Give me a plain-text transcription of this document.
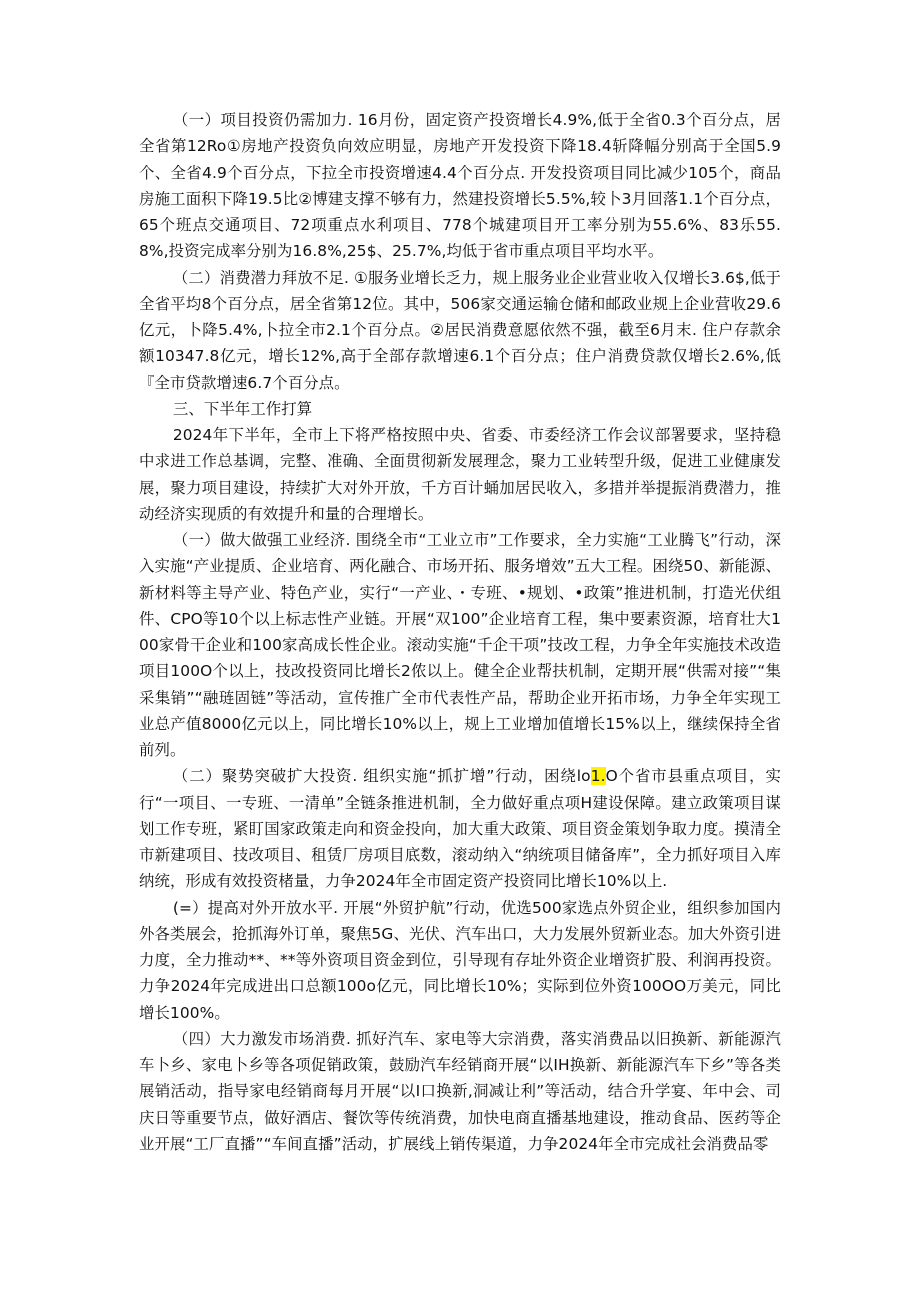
（一）项目投资仍需加力. 16月份，固定资产投资增长4.9%,低于全省0.3个百分点，居全省第12Ro①房地产投资负向效应明显，房地产开发投资下降18.4斩降幅分别高于全国5.9个、全省4.9个百分点，下拉全市投资增速4.4个百分点. 开发投资项目同比减少105个，商品房施工面积下降19.5比②博建支撑不够有力，然建投资增长5.5%,较卜3月回落1.1个百分点，65个班点交通项目、72项重点水利项目、778个城建项目开工率分别为55.6%、83乐55.8%,投资完成率分别为16.8%,25$、25.7%,均低于省市重点项目平均水平。

（二）消费潜力拜放不足. ①服务业增长乏力，规上服务业企业营业收入仅增长3.6$,低于全省平均8个百分点，居全省第12位。其中，506家交通运输仓储和邮政业规上企业营收29.6亿元，卜降5.4%,卜拉全市2.1个百分点。②居民消费意愿依然不强，截至6月末. 住户存款余额10347.8亿元，增长12%,高于全部存款增速6.1个百分点；住户消费贷款仅增长2.6%,低『全市贷款增速6.7个百分点。

三、下半年工作打算

2024年下半年，全市上下将严格按照中央、省委、市委经济工作会议部署要求，坚持稳中求进工作总基调，完整、准确、全面贯彻新发展理念，聚力工业转型升级，促进工业健康发展，聚力项目建设，持续扩大对外开放，千方百计蛹加居民收入，多措并举提振消费潜力，推动经济实现质的有效提升和量的合理增长。

（一）做大做强工业经济. 围绕全市“工业立市”工作要求，全力实施“工业腾飞”行动，深入实施“产业提质、企业培育、两化融合、市场开拓、服务增效”五大工程。困绕50、新能源、新材料等主导产业、特色产业，实行“一产业、・专班、•规划、•政策”推进机制，打造光伏组件、CPO等10个以上标志性产业链。开展“双100”企业培育工程，集中要素资源，培育壮大100家骨干企业和100家高成长性企业。滚动实施“千企干项”技改工程，力争全年实施技术改造项目100O个以上，技改投资同比增长2侬以上。健全企业帮扶机制，定期开展“供需对接”“集采集销”“融琏固链”等活动，宣传推广全市代表性产品，帮助企业开拓市场，力争全年实现工业总产值8000亿元以上，同比增长10%以上，规上工业增加值增长15%以上，继续保持全省前列。

（二）聚势突破扩大投资. 组织实施“抓扩增”行动，困绕lo1.O个省市县重点项目，实行“一项目、一专班、一清单”全链条推进机制，全力做好重点项H建设保障。建立政策项目谋划工作专班，紧盯国家政策走向和资金投向，加大重大政策、项目资金策划争取力度。摸清全市新建项目、技改项目、租赁厂房项目底数，滚动纳入“纳统项目储备库”，全力抓好项目入库纳统，形成有效投资楮量，力争2024年全市固定资产投资同比增长10%以上.

(=）提高对外开放水平. 开展“外贸护航”行动，优选500家选点外贸企业，组织参加国内外各类展会，抢抓海外订单，聚焦5G、光伏、汽车出口，大力发展外贸新业态。加大外资引进力度，全力推动**、**等外资项目资金到位，引导现有存址外资企业增资扩股、利润再投资。力争2024年完成进出口总额100o亿元，同比增长10%；实际到位外资100OO万美元，同比增长100%。

（四）大力激发市场消费. 抓好汽车、家电等大宗消费，落实消费品以旧换新、新能源汽车卜乡、家电卜乡等各项促销政策，鼓励汽车经销商开展“以IH换新、新能源汽车下乡”等各类展销活动，指导家电经销商每月开展“以I口换新,洞减让利”等活动，结合升学宴、年中会、司庆日等重要节点，做好酒店、餐饮等传统消费，加快电商直播基地建设，推动食品、医药等企业开展“工厂直播”“车间直播”活动，扩展线上销传渠道，力争2024年全市完成社会消费品零
